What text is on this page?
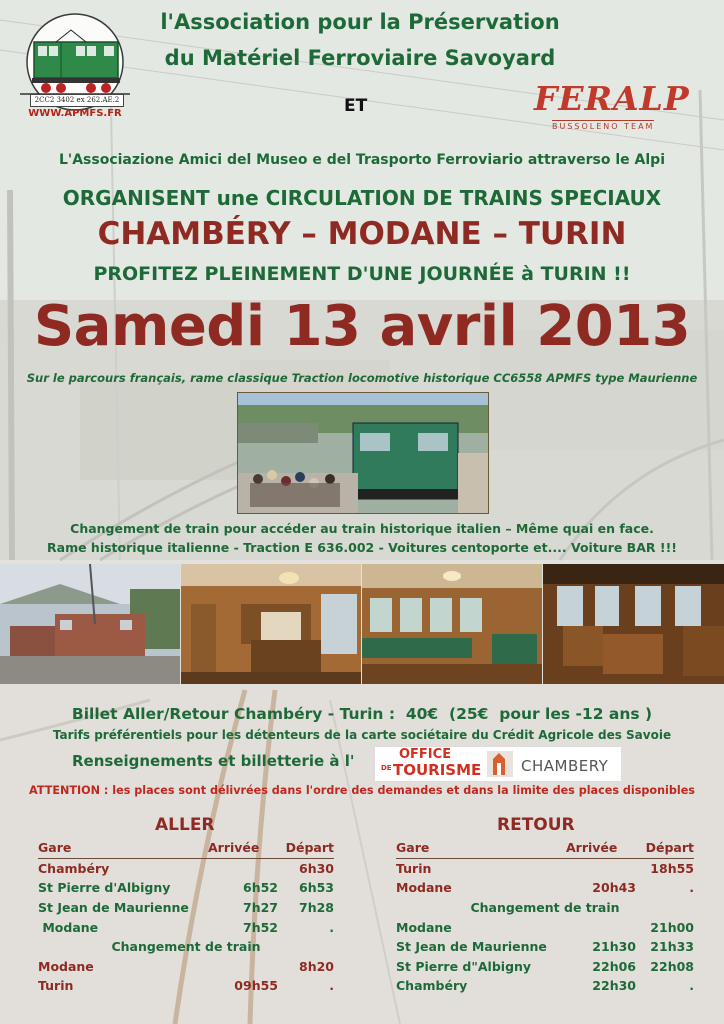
2CC2 3402 ex 262.AE.2
WWW.APMFS.FR
l'Association pour la Préservation
du Matériel Ferroviaire Savoyard
ET	FERALP
BUSSOLENO TEAM
L'Associazione Amici del Museo e del Trasporto Ferroviario attraverso le Alpi
ORGANISENT une CIRCULATION DE TRAINS SPECIAUX
CHAMBÉRY – MODANE – TURIN
PROFITEZ PLEINEMENT D'UNE JOURNÉE à TURIN !!
Samedi 13 avril 2013
Sur le parcours français, rame classique Traction locomotive historique CC6558 APMFS type Maurienne
Changement de train pour accéder au train historique italien – Même quai en face.
Rame historique italienne - Traction E 636.002 - Voitures centoporte et.... Voiture BAR !!!
Billet Aller/Retour Chambéry - Turin :  40€  (25€  pour les -12 ans )
Tarifs préférentiels pour les détenteurs de la carte sociétaire du Crédit Agricole des Savoie
Renseignements et billetterie à l'	OFFICE
DE TOURISME	CHAMBERY
ATTENTION : les places sont délivrées dans l'ordre des demandes et dans la limite des places disponibles
ALLER
Gare	Arrivée	Départ
Chambéry		6h30
St Pierre d'Albigny	6h52	6h53
St Jean de Maurienne	7h27	7h28
Modane	7h52	.
Changement de train		
Modane		8h20
Turin	09h55	.
RETOUR
Gare	Arrivée	Départ
Turin		18h55
Modane	20h43	.
Changement de train		
Modane		21h00
St Jean de Maurienne	21h30	21h33
St Pierre d"Albigny	22h06	22h08
Chambéry	22h30	.
